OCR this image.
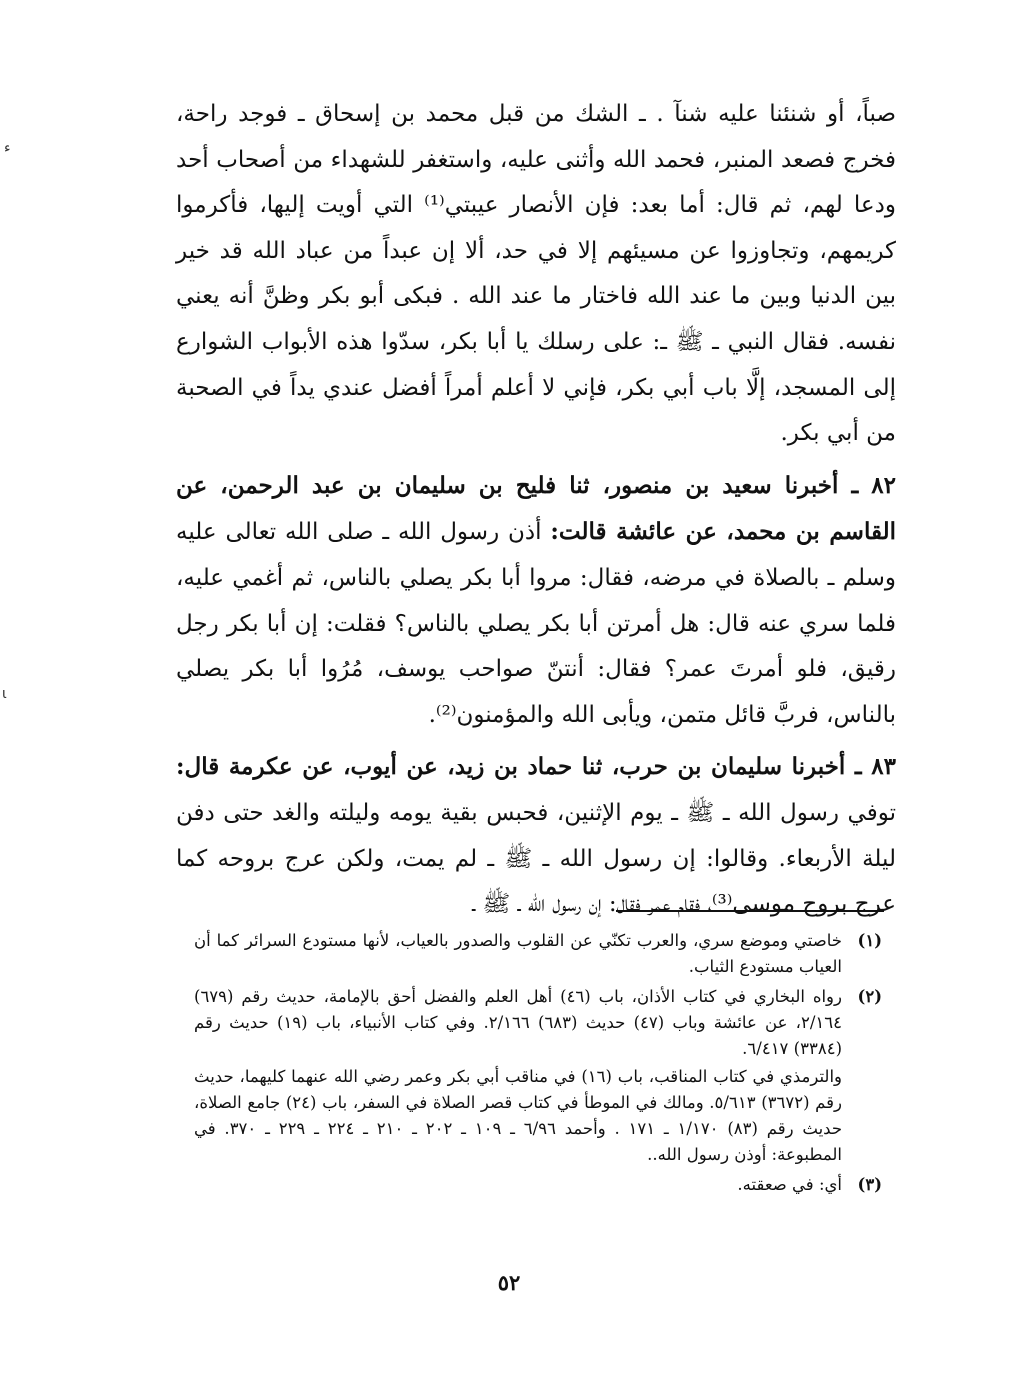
صباً، أو شنئنا عليه شنآ . ـ الشك من قبل محمد بن إسحاق ـ فوجد راحة، فخرج فصعد المنبر، فحمد الله وأثنى عليه، واستغفر للشهداء من أصحاب أحد ودعا لهم، ثم قال: أما بعد: فإن الأنصار عيبتي⁽¹⁾ التي أويت إليها، فأكرموا كريمهم، وتجاوزوا عن مسيئهم إلا في حد، ألا إن عبداً من عباد الله قد خير بين الدنيا وبين ما عند الله فاختار ما عند الله . فبكى أبو بكر وظنَّ أنه يعني نفسه. فقال النبي ـ ﷺ ـ: على رسلك يا أبا بكر، سدّوا هذه الأبواب الشوارع إلى المسجد، إلَّا باب أبي بكر، فإني لا أعلم أمراً أفضل عندي يداً في الصحبة من أبي بكر.

٨٢ ـ أخبرنا سعيد بن منصور، ثنا فليح بن سليمان بن عبد الرحمن، عن القاسم بن محمد، عن عائشة قالت: أذن رسول الله ـ صلى الله تعالى عليه وسلم ـ بالصلاة في مرضه، فقال: مروا أبا بكر يصلي بالناس، ثم أغمي عليه، فلما سري عنه قال: هل أمرتن أبا بكر يصلي بالناس؟ فقلت: إن أبا بكر رجل رقيق، فلو أمرتَ عمر؟ فقال: أنتنّ صواحب يوسف، مُرُوا أبا بكر يصلي بالناس، فربَّ قائل متمن، ويأبى الله والمؤمنون⁽²⁾.

٨٣ ـ أخبرنا سليمان بن حرب، ثنا حماد بن زيد، عن أيوب، عن عكرمة قال: توفي رسول الله ـ ﷺ ـ يوم الإثنين، فحبس بقية يومه وليلته والغد حتى دفن ليلة الأربعاء. وقالوا: إن رسول الله ـ ﷺ ـ لم يمت، ولكن عرج بروحه كما عرج بروح موسى⁽³⁾، فقام عمر فقال: إن رسول الله ـ ﷺ ـ

(١)
خاصتي وموضع سري، والعرب تكنّي عن القلوب والصدور بالعياب، لأنها مستودع السرائر كما أن العياب مستودع الثياب.
(٢)
رواه البخاري في كتاب الأذان، باب (٤٦) أهل العلم والفضل أحق بالإمامة، حديث رقم (٦٧٩) ٢/١٦٤، عن عائشة وباب (٤٧) حديث (٦٨٣) ٢/١٦٦. وفي كتاب الأنبياء، باب (١٩) حديث رقم (٣٣٨٤) ٦/٤١٧.
والترمذي في كتاب المناقب، باب (١٦) في مناقب أبي بكر وعمر رضي الله عنهما كليهما، حديث رقم (٣٦٧٢) ٥/٦١٣. ومالك في الموطأ في كتاب قصر الصلاة في السفر، باب (٢٤) جامع الصلاة، حديث رقم (٨٣) ١/١٧٠ ـ ١٧١ . وأحمد ٦/٩٦ ـ ١٠٩ ـ ٢٠٢ ـ ٢١٠ ـ ٢٢٤ ـ ٢٢٩ ـ ٣٧٠. في المطبوعة: أوذن رسول الله..
(٣)
أي: في صعقته.
٥٢
ﺀ
ι
